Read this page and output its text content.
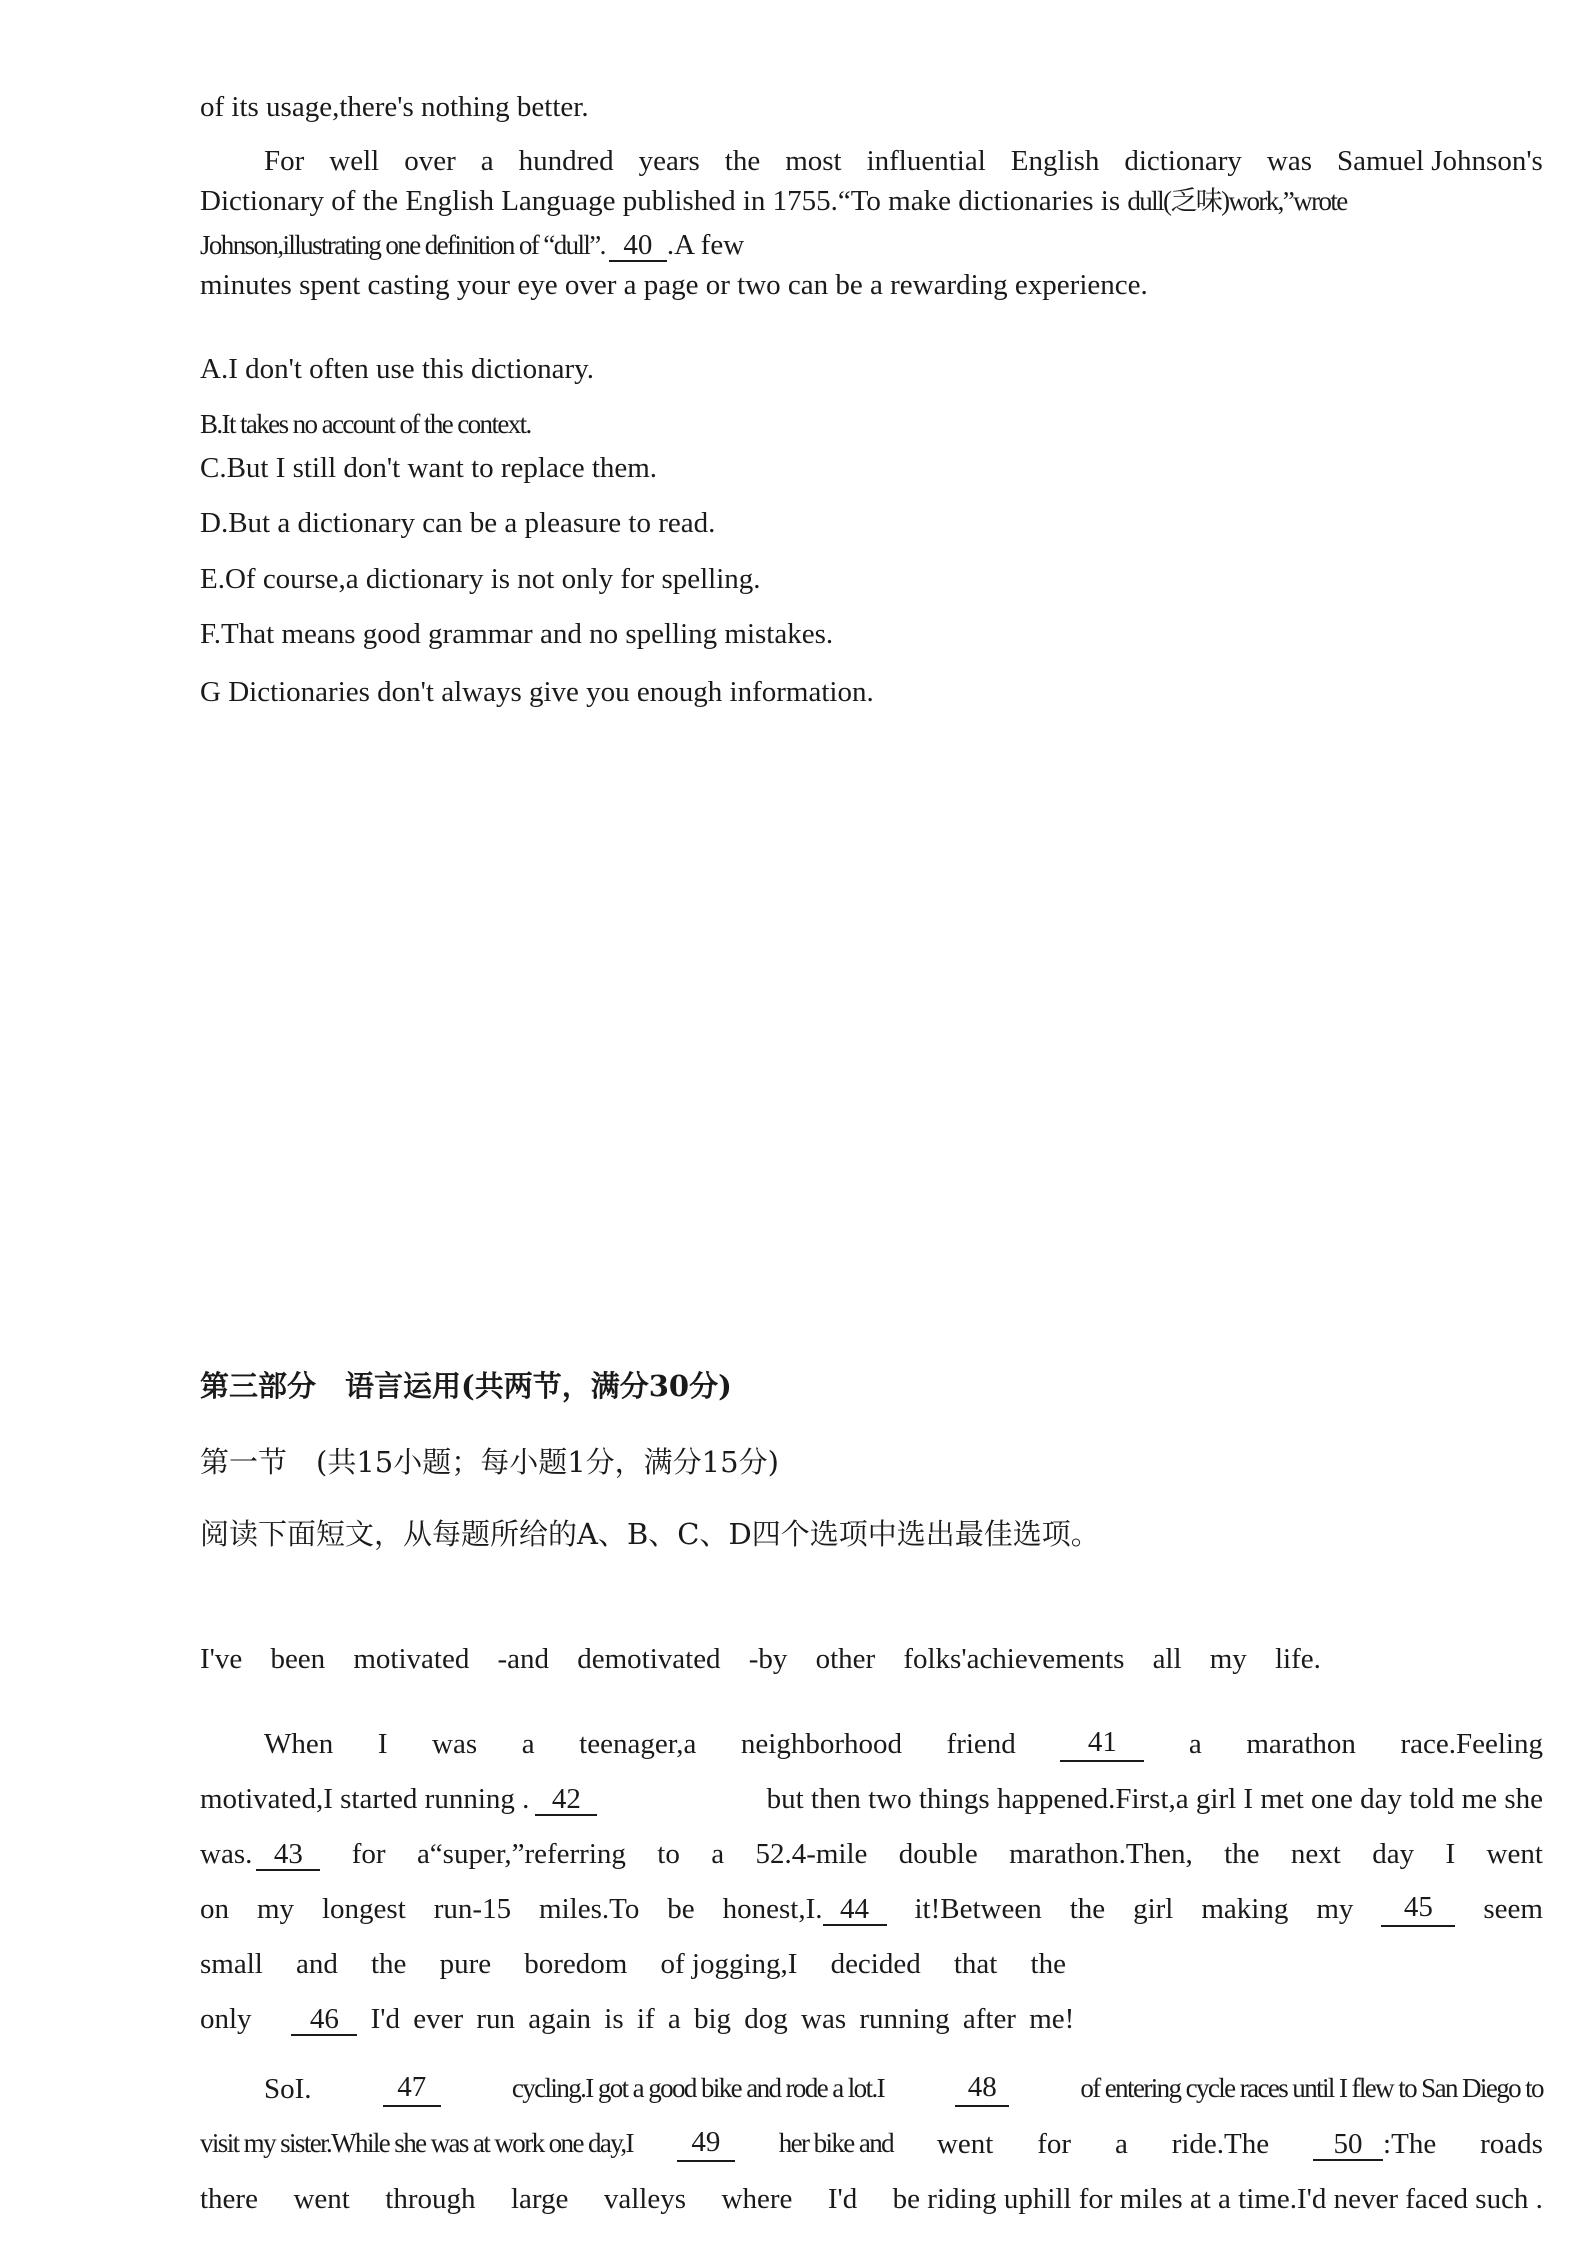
of its usage,there's nothing better.
For well over a hundred years the most influential English dictionary was Samuel Johnson's
Dictionary of the English Language published in 1755.“To make dictionaries is dull(乏味)work,”wrote
Johnson,illustrating one definition of “dull”. 40 .A few
minutes spent casting your eye over a page or two can be a rewarding experience.
A.I don't often use this dictionary.
B.It takes no account of the context.
C.But I still don't want to replace them.
D.But a dictionary can be a pleasure to read.
E.Of course,a dictionary is not only for spelling.
F.That means good grammar and no spelling mistakes.
G Dictionaries don't always give you enough information.
第三部分　语言运用(共两节，满分30分)
第一节　(共15小题；每小题1分，满分15分)
阅读下面短文，从每题所给的A、B、C、D四个选项中选出最佳选项。
I've been motivated -and demotivated -by other folks'achievements all my life.
When I was a teenager,a neighborhood friend	41	a marathon race.Feeling
motivated,I started running . 42	but then two things happened.First,a girl I met one day told me she
was. 43	for a“super,”referring to a 52.4-mile double marathon.Then, the next day I went
on my longest run-15 miles.To be honest,I. 44	it!Between the girl making my	45	seem
small and the pure boredom of jogging,I decided that the
only 46 I'd ever run again is if a big dog was running after me!
SoI.	47	cycling.I got a good bike and rode a lot.I	48	of entering cycle races until I flew to San Diego to
visit my sister.While she was at work one day,I	49	her bike and went for a ride.The	50 :The roads
there went through large valleys where I'd be riding uphill for miles at a time.I'd never faced such .
